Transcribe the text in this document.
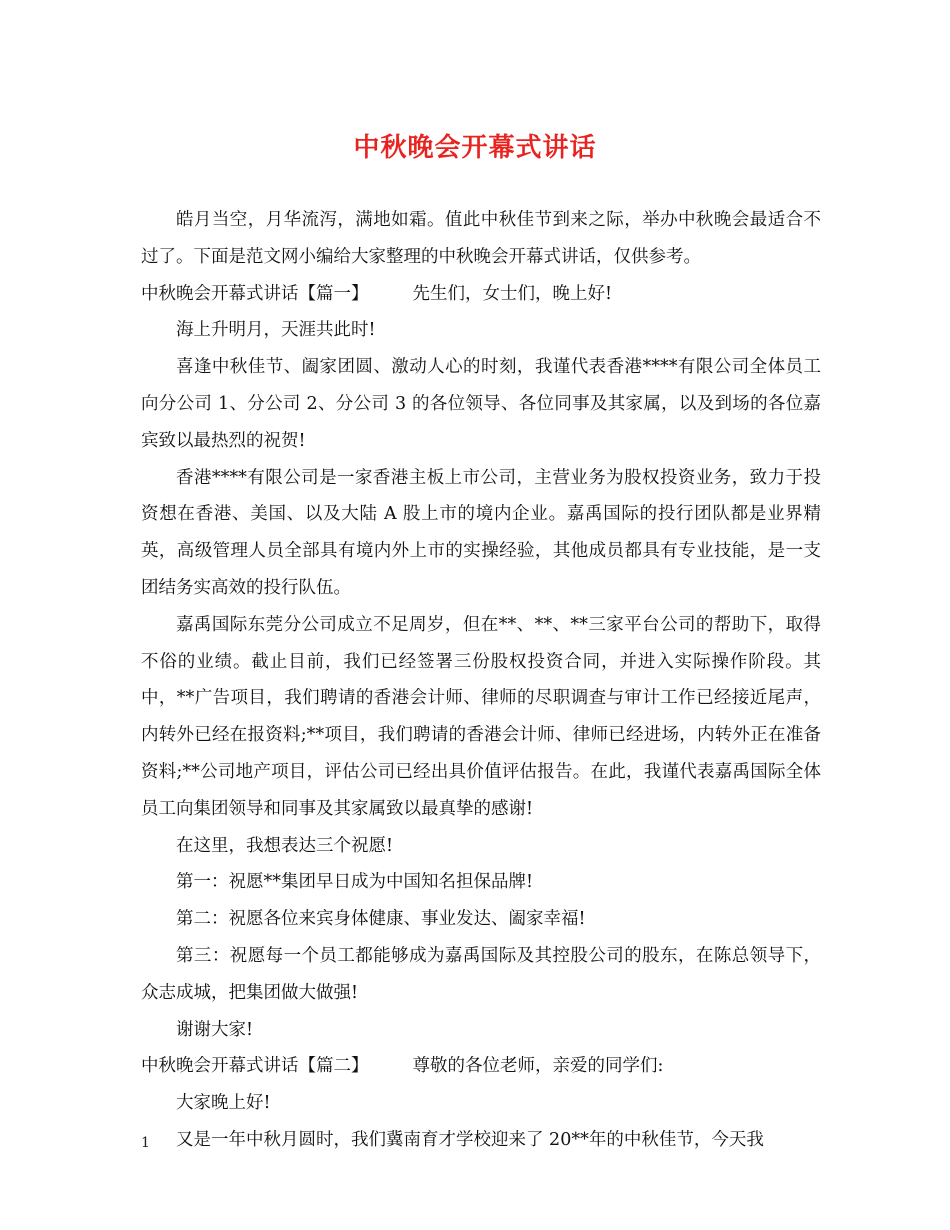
中秋晚会开幕式讲话

皓月当空，月华流泻，满地如霜。值此中秋佳节到来之际，举办中秋晚会最适合不过了。下面是范文网小编给大家整理的中秋晚会开幕式讲话，仅供参考。

中秋晚会开幕式讲话【篇一】	先生们，女士们，晚上好!

海上升明月，天涯共此时!

喜逢中秋佳节、阖家团圆、激动人心的时刻，我谨代表香港****有限公司全体员工向分公司 1、分公司 2、分公司 3 的各位领导、各位同事及其家属，以及到场的各位嘉宾致以最热烈的祝贺!

香港****有限公司是一家香港主板上市公司，主营业务为股权投资业务，致力于投资想在香港、美国、以及大陆 A 股上市的境内企业。嘉禹国际的投行团队都是业界精英，高级管理人员全部具有境内外上市的实操经验，其他成员都具有专业技能，是一支团结务实高效的投行队伍。

嘉禹国际东莞分公司成立不足周岁，但在**、**、**三家平台公司的帮助下，取得不俗的业绩。截止目前，我们已经签署三份股权投资合同，并进入实际操作阶段。其中，**广告项目，我们聘请的香港会计师、律师的尽职调查与审计工作已经接近尾声，内转外已经在报资料;**项目，我们聘请的香港会计师、律师已经进场，内转外正在准备资料;**公司地产项目，评估公司已经出具价值评估报告。在此，我谨代表嘉禹国际全体员工向集团领导和同事及其家属致以最真挚的感谢!

在这里，我想表达三个祝愿!

第一：祝愿**集团早日成为中国知名担保品牌!

第二：祝愿各位来宾身体健康、事业发达、阖家幸福!

第三：祝愿每一个员工都能够成为嘉禹国际及其控股公司的股东，在陈总领导下，众志成城，把集团做大做强!

谢谢大家!

中秋晚会开幕式讲话【篇二】	尊敬的各位老师，亲爱的同学们:

大家晚上好!

又是一年中秋月圆时，我们冀南育才学校迎来了 20**年的中秋佳节，今天我

1
